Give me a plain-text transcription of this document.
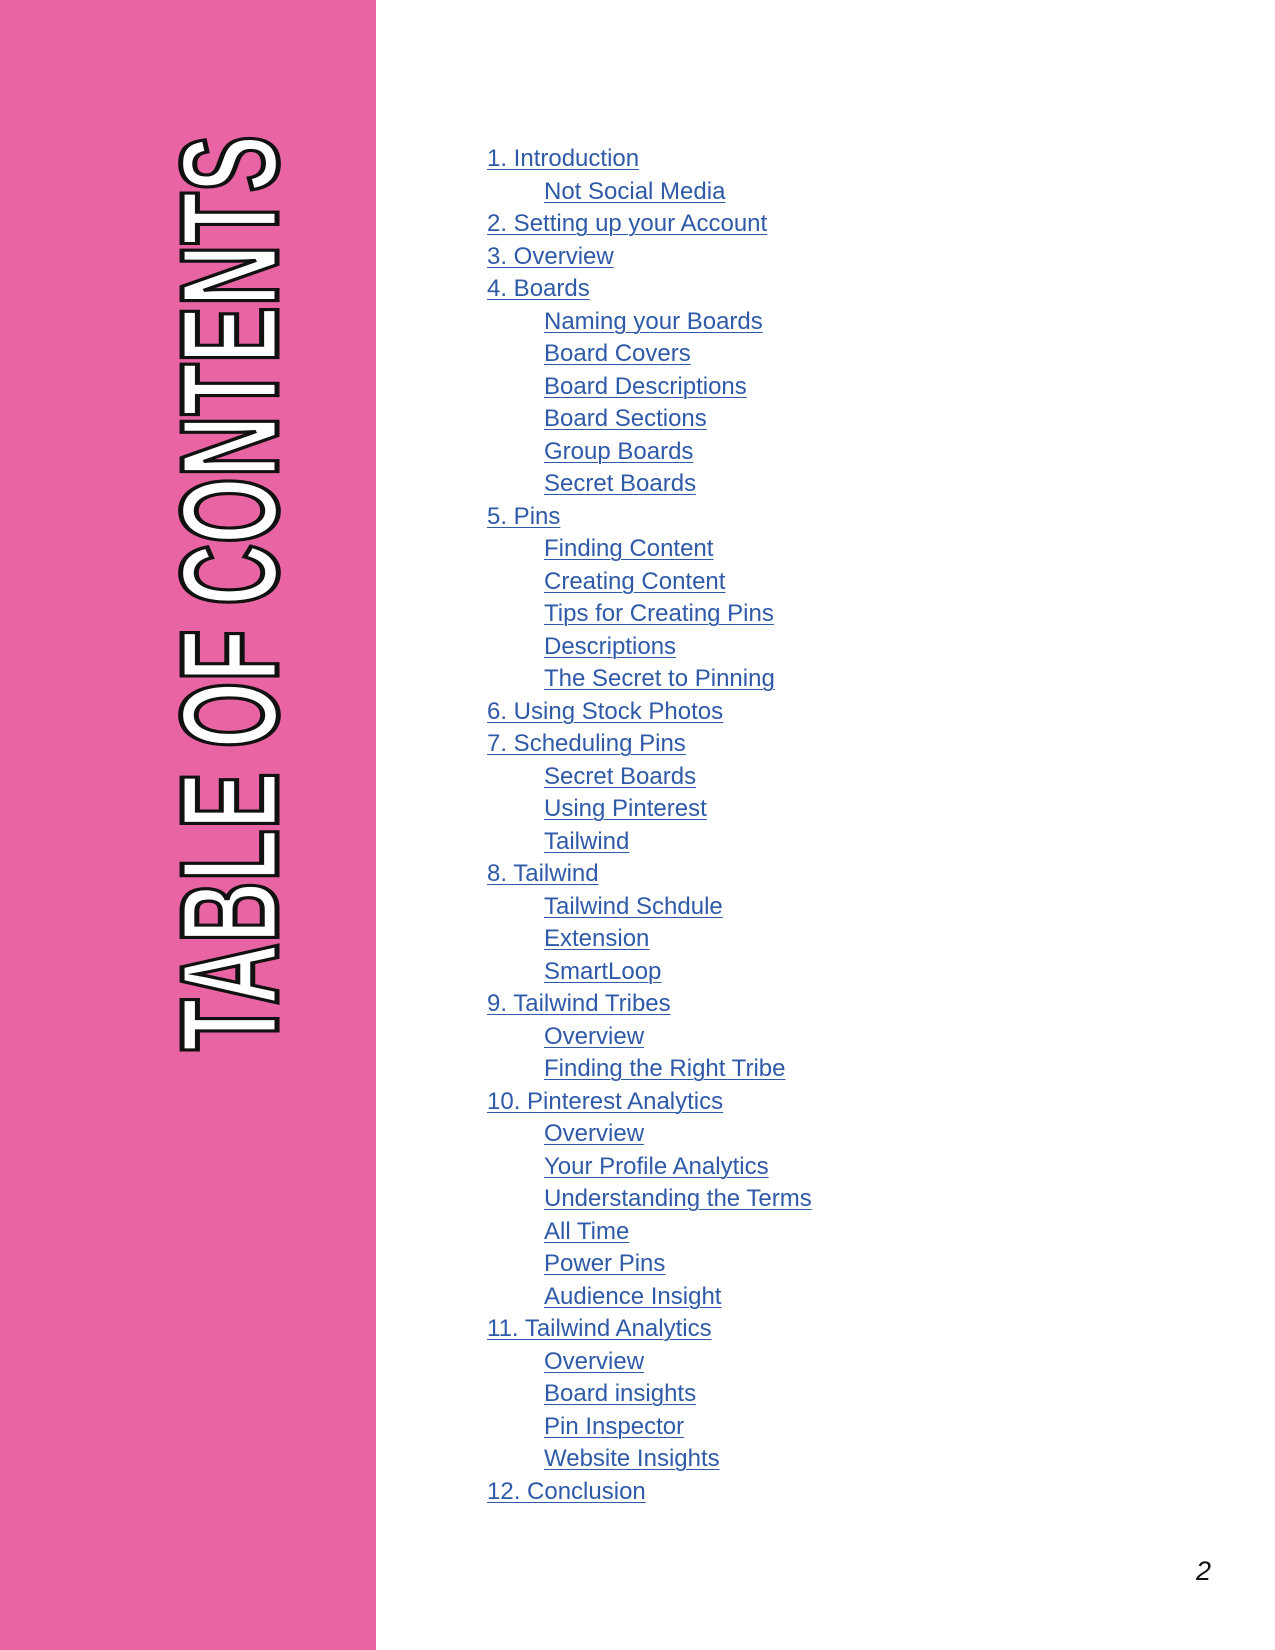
TABLE OF CONTENTS	1. Introduction
Not Social Media
2. Setting up your Account
3. Overview
4. Boards
Naming your Boards
Board Covers
Board Descriptions
Board Sections
Group Boards
Secret Boards
5. Pins
Finding Content
Creating Content
Tips for Creating Pins
Descriptions
The Secret to Pinning
6. Using Stock Photos
7. Scheduling Pins
Secret Boards
Using Pinterest
Tailwind
8. Tailwind
Tailwind Schdule
Extension
SmartLoop
9. Tailwind Tribes
Overview
Finding the Right Tribe
10. Pinterest Analytics
Overview
Your Profile Analytics
Understanding the Terms
All Time
Power Pins
Audience Insight
11. Tailwind Analytics
Overview
Board insights
Pin Inspector
Website Insights
12. Conclusion
2
